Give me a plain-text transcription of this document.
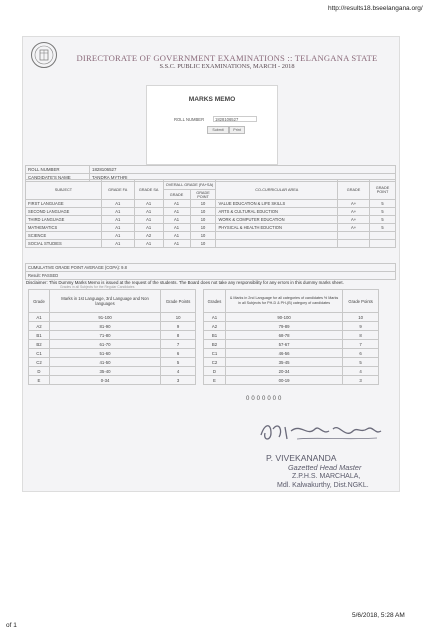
http://results18.bseelangana.org/
DIRECTORATE OF GOVERNMENT EXAMINATIONS :: TELANGANA STATE
S.S.C. PUBLIC EXAMINATIONS, MARCH - 2018
MARKS MEMO
ROLL NUMBER	1828106527
Submit	Print
ROLL NUMBER	1828106527
CANDIDATE'S NAME	TANDRA MYTHRI
SUBJECT	GRADE FA	GRADE SA	OVERALL GRADE (FA+SA)		CO-CURRICULAR AREA	GRADE	GRADE POINT
			GRADE	GRADE POINT			
FIRST LANGUAGE	A1	A1	A1	10	VALUE EDUCATION & LIFE SKILLS	A+	5
SECOND LANGUAGE	A1	A1	A1	10	ARTS & CULTURAL EDUCTION	A+	5
THIRD LANGUAGE	A1	A1	A1	10	WORK & COMPUTER EDUCATION	A+	5
MATHEMATICS	A1	A1	A1	10	PHYSICAL & HEALTH EDUCTION	A+	5
SCIENCE	A1	A2	A1	10			
SOCIAL STUDIES	A1	A1	A1	10			
CUMULATIVE GRADE POINT AVERAGE (CGPA): 9.8
Result: PASSED
Disclaimer: This Dummy Marks Memo is issued at the request of the students. The Board does not take any responsibility for any errors in this dummy marks sheet.
Grades in all Subjects for the Regular Candidates
Grade	Marks in 1st Language, 3rd Language and Non languages	Grade Points
A1	91-100	10
A2	81-90	9
B1	71-80	8
B2	61-70	7
C1	51-60	6
C2	41-50	5
D	35-40	4
E	0-34	3
Grades	& Marks in 2nd Language for all categories of candidates % Marks in all Subjects for PH-D & PH-(B) category of candidates	Grade Points
A1	90-100	10
A2	79-89	9
B1	68-78	8
B2	57-67	7
C1	46-56	6
C2	35-45	5
D	20-34	4
E	00-19	3
0000000
P. VIVEKANANDA
Gazetted Head Master
Z.P.H.S. MARCHALA,
Mdl. Kalwakurthy, Dist.NGKL.
5/6/2018, 5:28 AM
of 1
